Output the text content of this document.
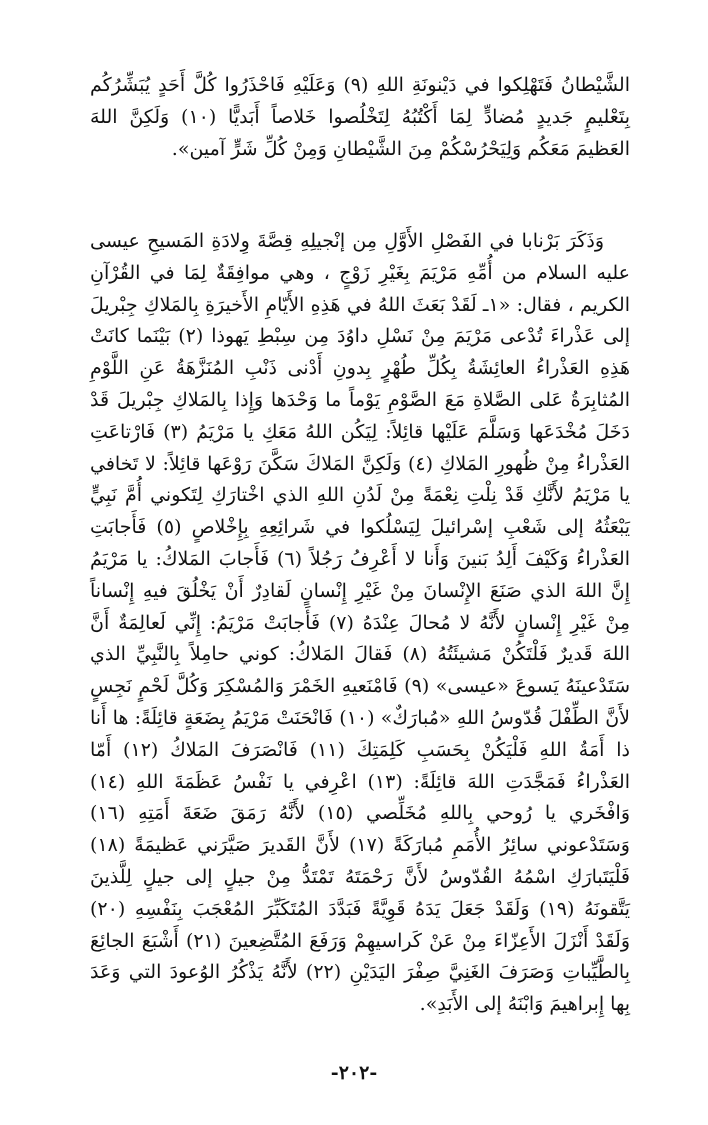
الشَّيْطانُ فَتَهْلِكوا في دَيْنونَةِ اللهِ (٩) وَعَلَيْهِ فَاحْذَرُوا كُلَّ أَحَدٍ يُبَشِّرُكُم بِتَعْليمٍ جَديدٍ مُضادٍّ لِمَا أَكْتُبُهُ لِتَخْلُصوا خَلاصاً أَبَديًّا (١٠) وَلَكِنَّ اللهَ العَظيمَ مَعَكُم وَلِيَحْرُسْكُمْ مِنَ الشَّيْطانِ وَمِنْ كُلِّ شَرٍّ آمين».

وَذَكَرَ بَرْنابا في الفَصْلِ الأَوَّلِ مِن إنْجيلِهِ قِصَّةَ وِلادَةِ المَسيحِ عيسى عليه السلام من أُمِّهِ مَرْيَمَ بِغَيْرِ زَوْجٍ ، وهي موافِقَةٌ لِمَا في القُرْآنِ الكريم ، فقال: «١ـ لَقَدْ بَعَثَ اللهُ في هَذِهِ الأَيّامِ الأَخيرَةِ بِالمَلاكِ جِبْريلَ إلى عَذْراءَ تُدْعى مَرْيَمَ مِنْ نَسْلِ داوُدَ مِن سِبْطِ يَهوذا (٢) بَيْنَما كانَتْ هَذِهِ العَذْراءُ العائِشَةُ بِكُلِّ طُهْرٍ بِدونِ أَدْنى ذَنْبِ المُنَزَّهَةُ عَنِ اللَّوْمِ المُثابِرَةُ عَلى الصَّلاةِ مَعَ الصَّوْمِ يَوْماً ما وَحْدَها وَإِذا بِالمَلاكِ جِبْريلَ قَدْ دَخَلَ مُخْدَعَها وَسَلَّمَ عَلَيْها قائِلاً: لِيَكُن اللهُ مَعَكِ يا مَرْيَمُ (٣) فَارْتاعَتِ العَذْراءُ مِنْ ظُهورِ المَلاكِ (٤) وَلَكِنَّ المَلاكَ سَكَّنَ رَوْعَها قائِلاً: لا تَخافي يا مَرْيَمُ لأَنَّكِ قَدْ نِلْتِ نِعْمَةً مِنْ لَدُنِ اللهِ الذي اخْتارَكِ لِتَكوني أُمَّ نَبِيٍّ يَبْعَثُهُ إلى شَعْبِ إسْرائيلَ لِيَسْلُكوا في شَرائِعِهِ بِإِخْلاصٍ (٥) فَأَجابَتِ العَذْراءُ وَكَيْفَ أَلِدُ بَنينَ وَأَنا لا أَعْرِفُ رَجُلاً (٦) فَأَجابَ المَلاكُ: يا مَرْيَمُ إِنَّ اللهَ الذي صَنَعَ الإِنْسانَ مِنْ غَيْرِ إِنْسانٍ لَقادِرٌ أَنْ يَخْلُقَ فيهِ إِنْساناً مِنْ غَيْرِ إِنْسانٍ لأَنَّهُ لا مُحالَ عِنْدَهُ (٧) فَأَجابَتْ مَرْيَمُ: إِنِّي لَعالِمَةٌ أَنَّ اللهَ قَديرٌ فَلْتَكُنْ مَشيئَتُهُ (٨) فَقالَ المَلاكُ: كوني حامِلاً بِالنَّبِيِّ الذي سَتَدْعينَهُ يَسوعَ «عيسى» (٩) فَامْنَعيهِ الخَمْرَ وَالمُسْكِرَ وَكُلَّ لَحْمٍ نَجِسٍ لأَنَّ الطِّفْلَ قُدّوسُ اللهِ «مُبارَكٌ» (١٠) فَانْحَنَتْ مَرْيَمُ بِضَعَةٍ قائِلَةً: ها أَنا ذا أَمَةُ اللهِ فَلْيَكُنْ بِحَسَبِ كَلِمَتِكَ (١١) فَانْصَرَفَ المَلاكُ (١٢) أَمّا العَذْراءُ فَمَجَّدَتِ اللهَ قائِلَةً: (١٣) اعْرِفي يا نَفْسُ عَظَمَةَ اللهِ (١٤) وَافْخَري يا رُوحي بِاللهِ مُخَلِّصي (١٥) لأَنَّهُ رَمَقَ ضَعَةَ أَمَتِهِ (١٦) وَسَتَدْعوني سائِرُ الأُمَمِ مُبارَكَةً (١٧) لأَنَّ القَديرَ صَيَّرَني عَظيمَةً (١٨) فَلْيَتَبارَكِ اسْمُهُ القُدّوسُ لأَنَّ رَحْمَتَهُ تَمْتَدُّ مِنْ جيلٍ إلى جيلٍ لِلَّذينَ يَتَّقونَهُ (١٩) وَلَقَدْ جَعَلَ يَدَهُ قَوِيَّةً فَبَدَّدَ المُتَكَبِّرَ المُعْجَبَ بِنَفْسِهِ (٢٠) وَلَقَدْ أَنْزَلَ الأَعِزّاءَ مِنْ عَنْ كَراسيهِمْ وَرَفَعَ المُتَّضِعينَ (٢١) أَشْبَعَ الجائِعَ بِالطَّيِّباتِ وَصَرَفَ الغَنِيَّ صِفْرَ اليَدَيْنِ (٢٢) لأَنَّهُ يَذْكُرُ الوُعودَ التي وَعَدَ بِها إِبراهيمَ وَابْنَهُ إلى الأَبَدِ».

-٢٠٢-
